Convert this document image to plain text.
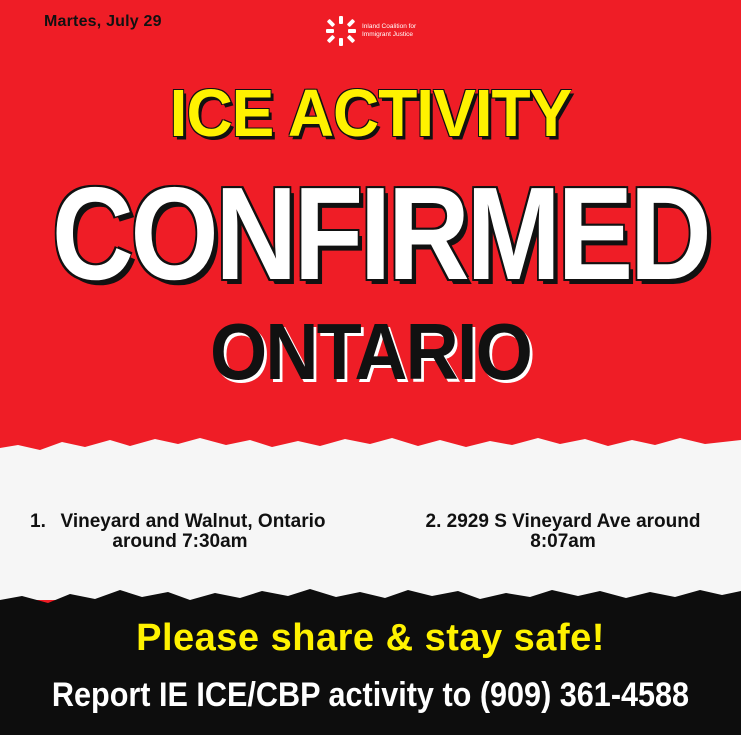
Martes, July 29	Inland Coalition for Immigrant Justice
ICE ACTIVITY
CONFIRMED
ONTARIO
1. Vineyard and Walnut, Ontario
around 7:30am
2. 2929 S Vineyard Ave around
8:07am
Please share & stay safe!
Report IE ICE/CBP activity to (909) 361-4588
